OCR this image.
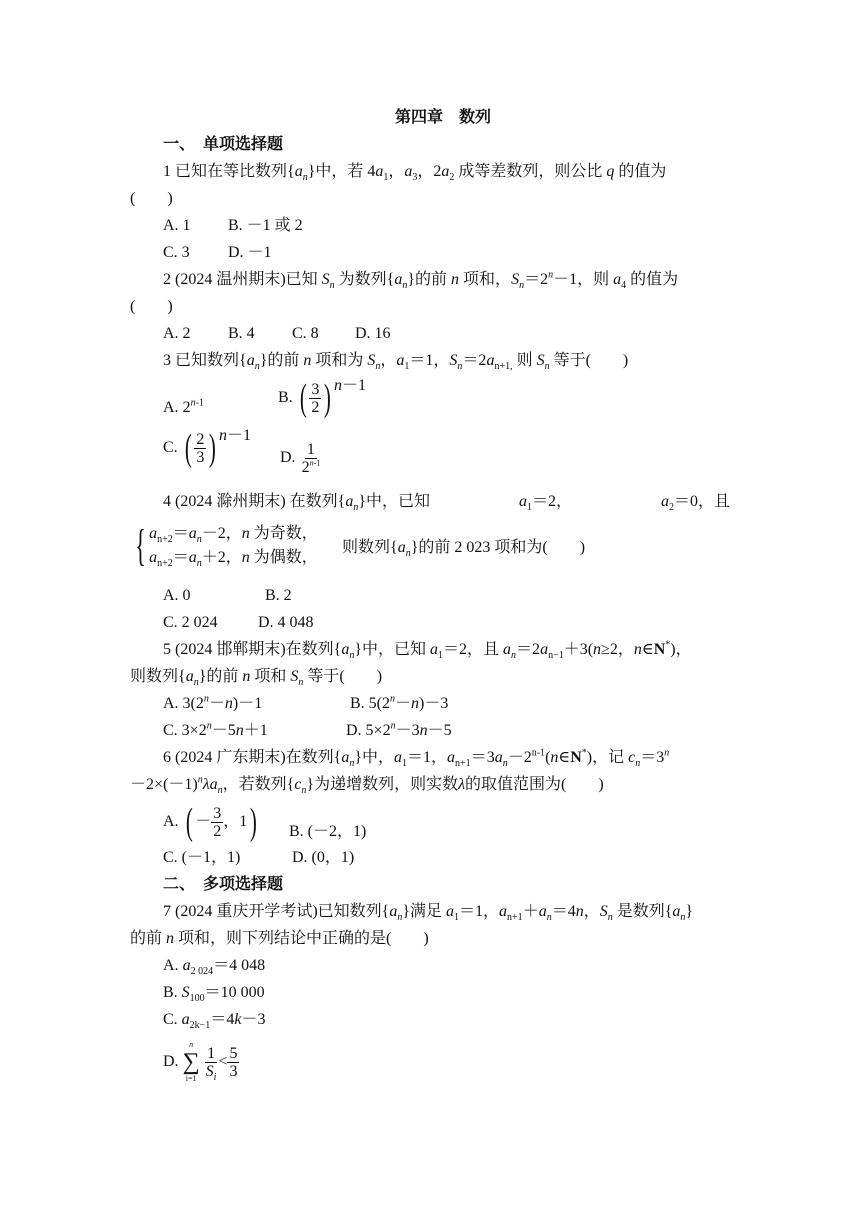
第四章　数列
一、　单项选择题
1 已知在等比数列$\{a_n\}$中，若 $4a_1$，$a_3$，$2a_2$ 成等差数列，则公比 q 的值为
(　　)
A. 1 B. －1 或 2
C. 3 D. －1
2 (2024 温州期末)已知 $S_n$ 为数列$\{a_n\}$的前 n 项和，$S_n=2^n-1$，则 $a_4$ 的值为
(　　)
A. 2 B. 4 C. 8 D. 16
3 已知数列$\{a_n\}$的前 n 项和为 $S_n$，$a_1=1$，$S_n=2a_{n+1,}$ 则 $S_n$ 等于(　　)
A. 2$^{n-1}$	B. ( $\frac{3}{2}$ ) n－1
C. ( $\frac{2}{3}$ ) n－1
D. $\frac{1}{2^{n-1}}$
4 (2024 滁州期末) 在数列$\{a_n\}$中，已知	$a_1=2$，	$a_2=0$，且
{ $a_{n+2}=a_n-2$，n 为奇数，
$a_{n+2}=a_n+2$，n 为偶数，
则数列$\{a_n\}$的前 2 023 项和为(　　)
A. 0	B. 2
C. 2 024	D. 4 048
5 (2024 邯郸期末)在数列$\{a_n\}$中，已知 $a_1=2$，且 $a_n=2a_{n-1}+3(n\ge 2$，n∈N*)，
则数列$\{a_n\}$的前 n 项和 $S_n$ 等于(　　)
A. $3(2^n-n)-1$	B. $5(2^n-n)-3$
C. $3\times 2^n-5n+1$	D. $5\times 2^n-3n-5$
6 (2024 广东期末)在数列$\{a_n\}$中，$a_1=1$，$a_{n+1}=3a_n-2^{n-1}(n\in N^*)$，记 $c_n=3^n$
$-2\times(-1)^n\lambda a_n$，若数列$\{c_n\}$为递增数列，则实数λ的取值范围为(　　)
A. ( － $\frac{3}{2}$ ，1) B. (－2，1)
C. (－1，1)	D. (0，1)
二、　多项选择题
7 (2024 重庆开学考试)已知数列$\{a_n\}$满足 $a_1=1$，$a_{n+1}+a_n=4n$，$S_n$ 是数列$\{a_n\}$
的前 n 项和，则下列结论中正确的是(　　)
A. $a_{2 024}=4$ 048
B. $S_{100}=10$ 000
C. $a_{2k-1}=4k-3$
D.
n
∑
i=1
$\frac{1}{S_i} < \frac{5}{3}$
